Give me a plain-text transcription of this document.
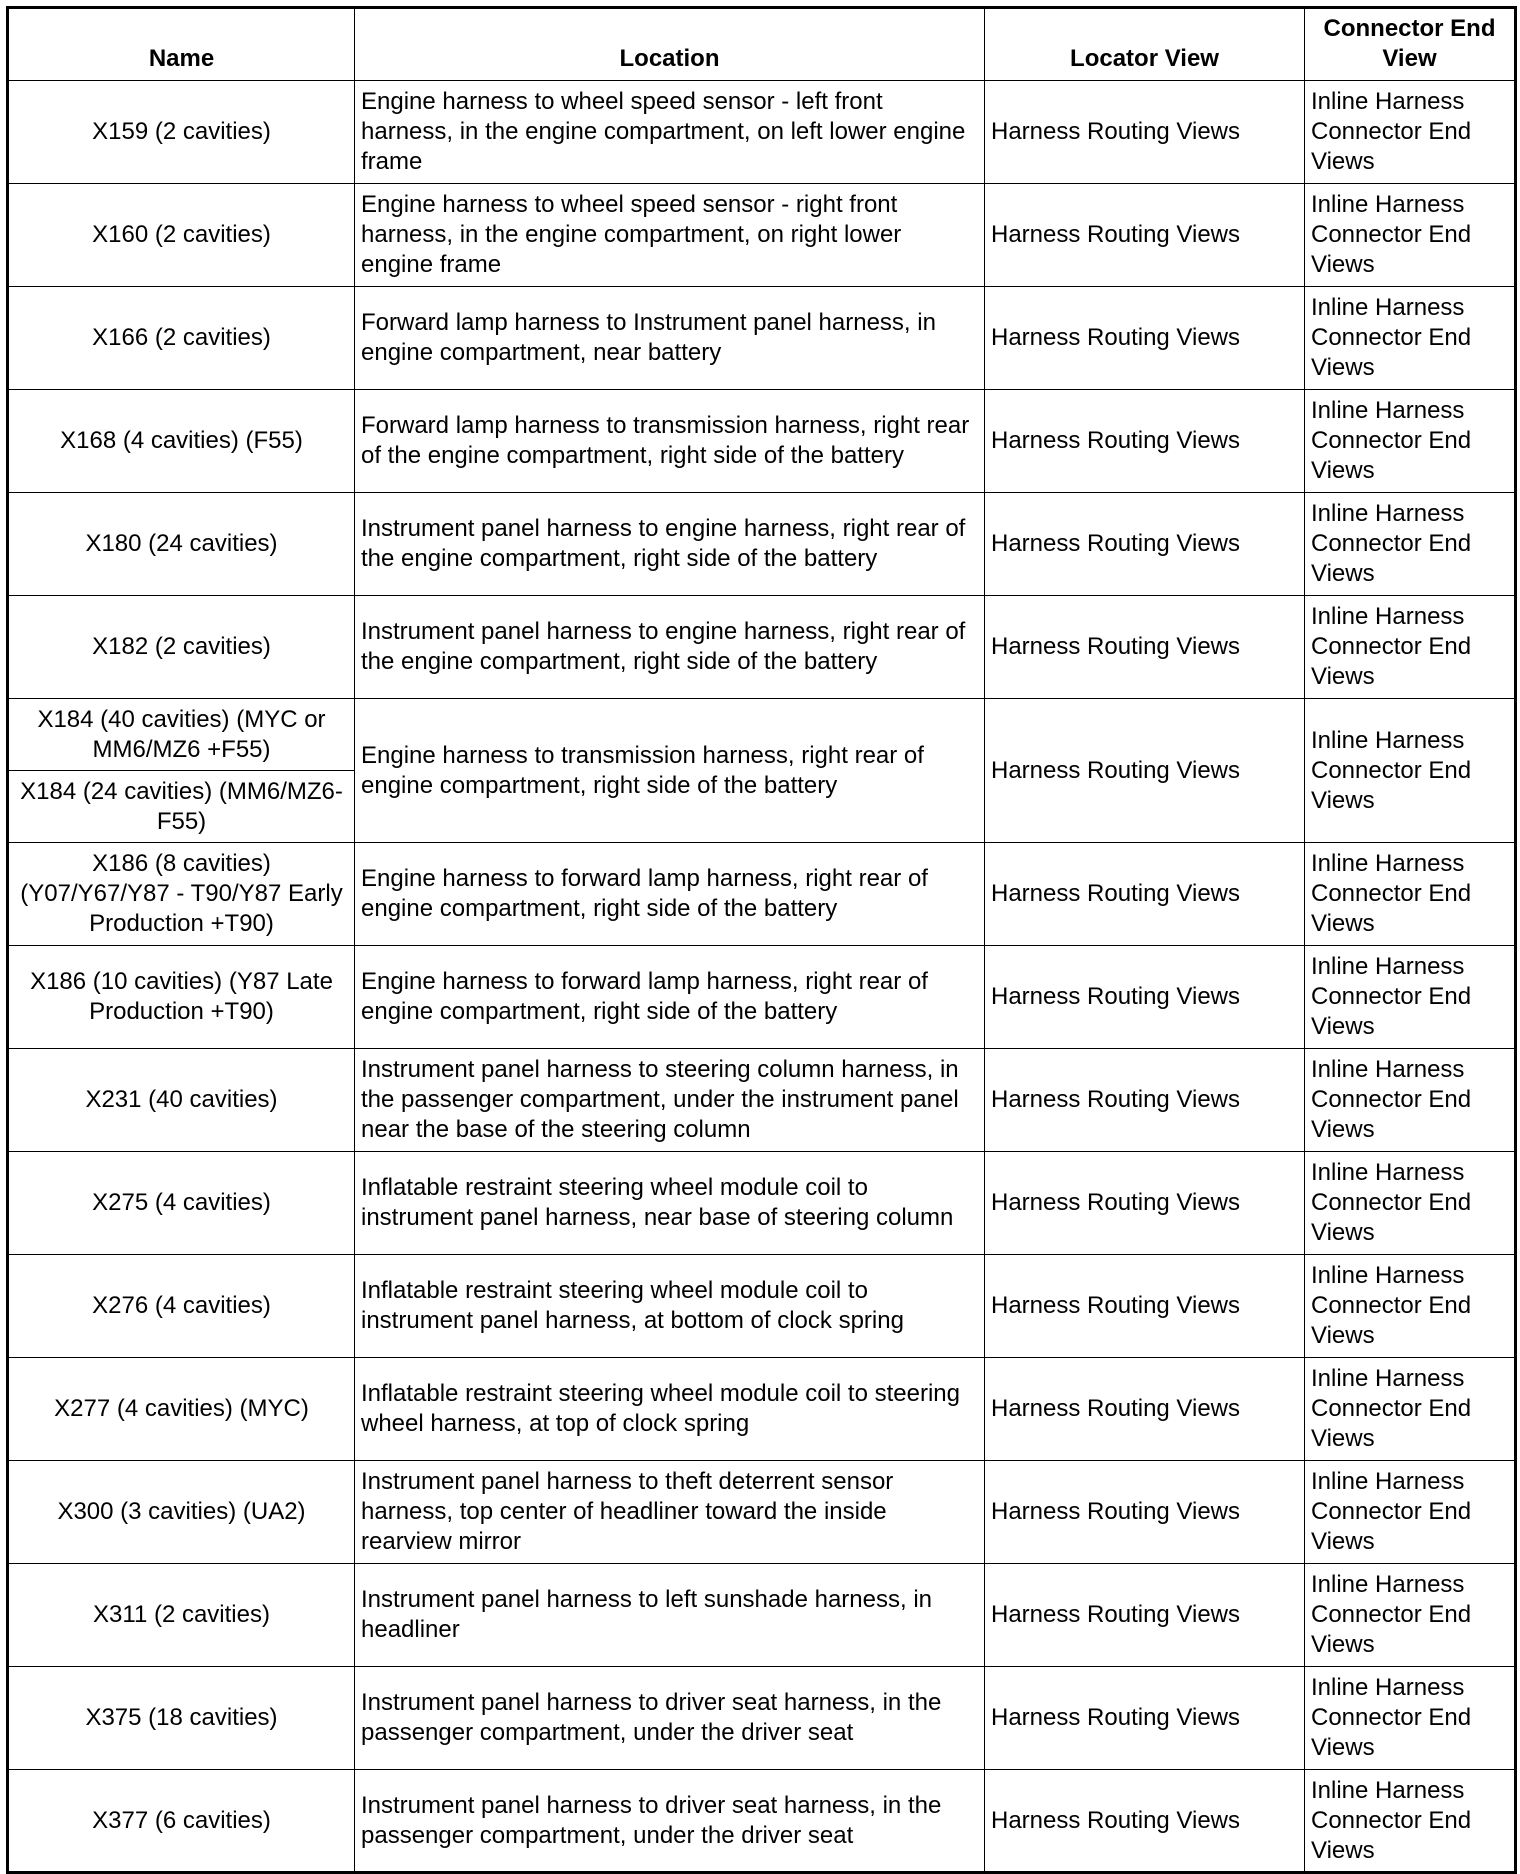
Name	Location	Locator View	Connector End View
X159 (2 cavities)	Engine harness to wheel speed sensor - left front harness, in the engine compartment, on left lower engine frame	Harness Routing Views	Inline Harness Connector End Views
X160 (2 cavities)	Engine harness to wheel speed sensor - right front harness, in the engine compartment, on right lower engine frame	Harness Routing Views	Inline Harness Connector End Views
X166 (2 cavities)	Forward lamp harness to Instrument panel harness, in engine compartment, near battery	Harness Routing Views	Inline Harness Connector End Views
X168 (4 cavities) (F55)	Forward lamp harness to transmission harness, right rear of the engine compartment, right side of the battery	Harness Routing Views	Inline Harness Connector End Views
X180 (24 cavities)	Instrument panel harness to engine harness, right rear of the engine compartment, right side of the battery	Harness Routing Views	Inline Harness Connector End Views
X182 (2 cavities)	Instrument panel harness to engine harness, right rear of the engine compartment, right side of the battery	Harness Routing Views	Inline Harness Connector End Views
X184 (40 cavities) (MYC or MM6/MZ6 +F55)	Engine harness to transmission harness, right rear of engine compartment, right side of the battery	Harness Routing Views	Inline Harness Connector End Views
X184 (24 cavities) (MM6/MZ6-F55)			
X186 (8 cavities) (Y07/Y67/Y87 - T90/Y87 Early Production +T90)	Engine harness to forward lamp harness, right rear of engine compartment, right side of the battery	Harness Routing Views	Inline Harness Connector End Views
X186 (10 cavities) (Y87 Late Production +T90)	Engine harness to forward lamp harness, right rear of engine compartment, right side of the battery	Harness Routing Views	Inline Harness Connector End Views
X231 (40 cavities)	Instrument panel harness to steering column harness, in the passenger compartment, under the instrument panel near the base of the steering column	Harness Routing Views	Inline Harness Connector End Views
X275 (4 cavities)	Inflatable restraint steering wheel module coil to instrument panel harness, near base of steering column	Harness Routing Views	Inline Harness Connector End Views
X276 (4 cavities)	Inflatable restraint steering wheel module coil to instrument panel harness, at bottom of clock spring	Harness Routing Views	Inline Harness Connector End Views
X277 (4 cavities) (MYC)	Inflatable restraint steering wheel module coil to steering wheel harness, at top of clock spring	Harness Routing Views	Inline Harness Connector End Views
X300 (3 cavities) (UA2)	Instrument panel harness to theft deterrent sensor harness, top center of headliner toward the inside rearview mirror	Harness Routing Views	Inline Harness Connector End Views
X311 (2 cavities)	Instrument panel harness to left sunshade harness, in headliner	Harness Routing Views	Inline Harness Connector End Views
X375 (18 cavities)	Instrument panel harness to driver seat harness, in the passenger compartment, under the driver seat	Harness Routing Views	Inline Harness Connector End Views
X377 (6 cavities)	Instrument panel harness to driver seat harness, in the passenger compartment, under the driver seat	Harness Routing Views	Inline Harness Connector End Views
